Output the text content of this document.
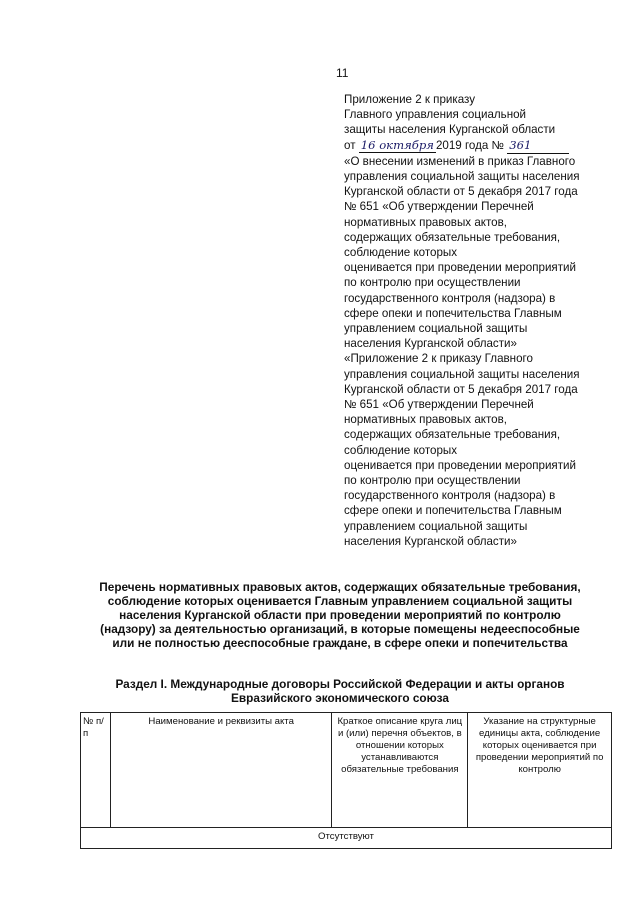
11
Приложение 2 к приказу
Главного управления социальной
защиты населения Курганской области
от 16 октября 2019 года № 361
«О внесении изменений в приказ Главного
управления социальной защиты населения
Курганской области от 5 декабря 2017 года
№ 651 «Об утверждении Перечней
нормативных правовых актов,
содержащих обязательные требования,
соблюдение которых
оценивается при проведении мероприятий
по контролю при осуществлении
государственного контроля (надзора) в
сфере опеки и попечительства Главным
управлением социальной защиты
населения Курганской области»
«Приложение 2 к приказу Главного
управления социальной защиты населения
Курганской области от 5 декабря 2017 года
№ 651 «Об утверждении Перечней
нормативных правовых актов,
содержащих обязательные требования,
соблюдение которых
оценивается при проведении мероприятий
по контролю при осуществлении
государственного контроля (надзора) в
сфере опеки и попечительства Главным
управлением социальной защиты
населения Курганской области»
Перечень нормативных правовых актов, содержащих обязательные требования,
соблюдение которых оценивается Главным управлением социальной защиты
населения Курганской области при проведении мероприятий по контролю
(надзору) за деятельностью организаций, в которые помещены недееспособные
или не полностью дееспособные граждане, в сфере опеки и попечительства
Раздел I. Международные договоры Российской Федерации и акты органов
Евразийского экономического союза
№ п/п	Наименование и реквизиты акта	Краткое описание круга лиц и (или) перечня объектов, в отношении которых устанавливаются обязательные требования	Указание на структурные единицы акта, соблюдение которых оценивается при проведении мероприятий по контролю
Отсутствуют
